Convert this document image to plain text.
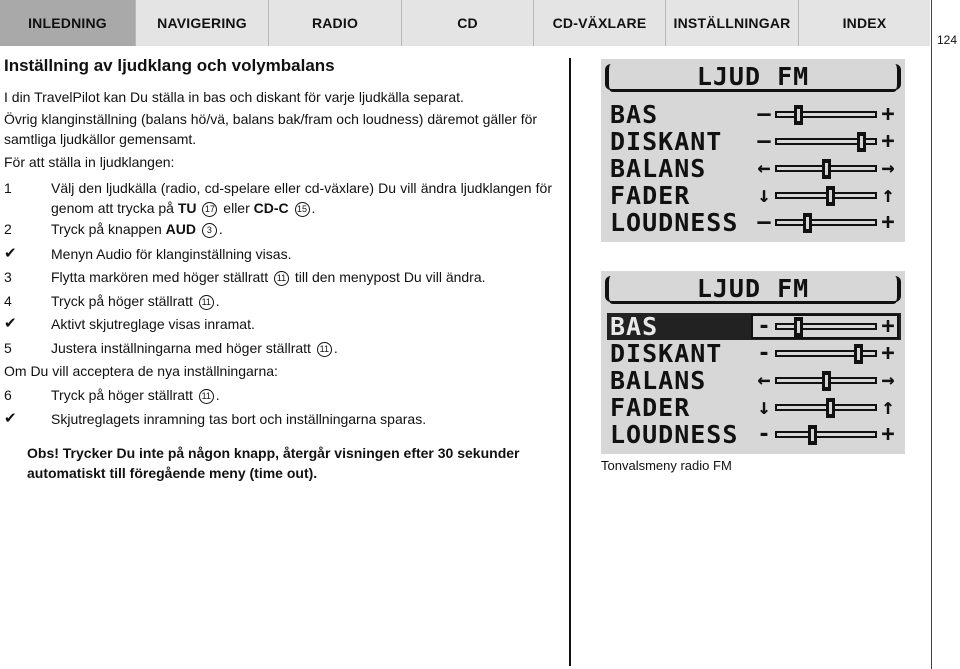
INLEDNING	NAVIGERING	RADIO	CD	CD-VÄXLARE	INSTÄLLNINGAR	INDEX
124
Inställning av ljudklang och volymbalans
I din TravelPilot kan Du ställa in bas och diskant för varje ljudkälla separat.
Övrig klanginställning (balans hö/vä, balans bak/fram och loudness) däremot gäller för samtliga ljudkällor gemensamt.
För att ställa in ljudklangen:
1	Välj den ljudkälla (radio, cd-spelare eller cd-växlare) Du vill ändra ljudklangen för genom att trycka på TU 17 eller CD-C 15 .
2	Tryck på knappen AUD 3 .
✔	Menyn Audio för klanginställning visas.
3	Flytta markören med höger ställratt 11 till den menypost Du vill ändra.
4	Tryck på höger ställratt 11 .
✔	Aktivt skjutreglage visas inramat.
5	Justera inställningarna med höger ställratt 11 .
Om Du vill acceptera de nya inställningarna:
6	Tryck på höger ställratt 11 .
✔	Skjutreglagets inramning tas bort och inställningarna sparas.
Obs! Trycker Du inte på någon knapp, återgår visningen efter 30 sekunder automatiskt till föregående meny (time out).
LJUD FM
BAS	—	+
DISKANT —	+
BALANS ←	→
FADER	↓	↑
LOUDNESS —	+
LJUD FM
BAS	-	+
DISKANT -	+
BALANS ←	→
FADER	↓	↑
LOUDNESS -	+
Tonvalsmeny radio FM
